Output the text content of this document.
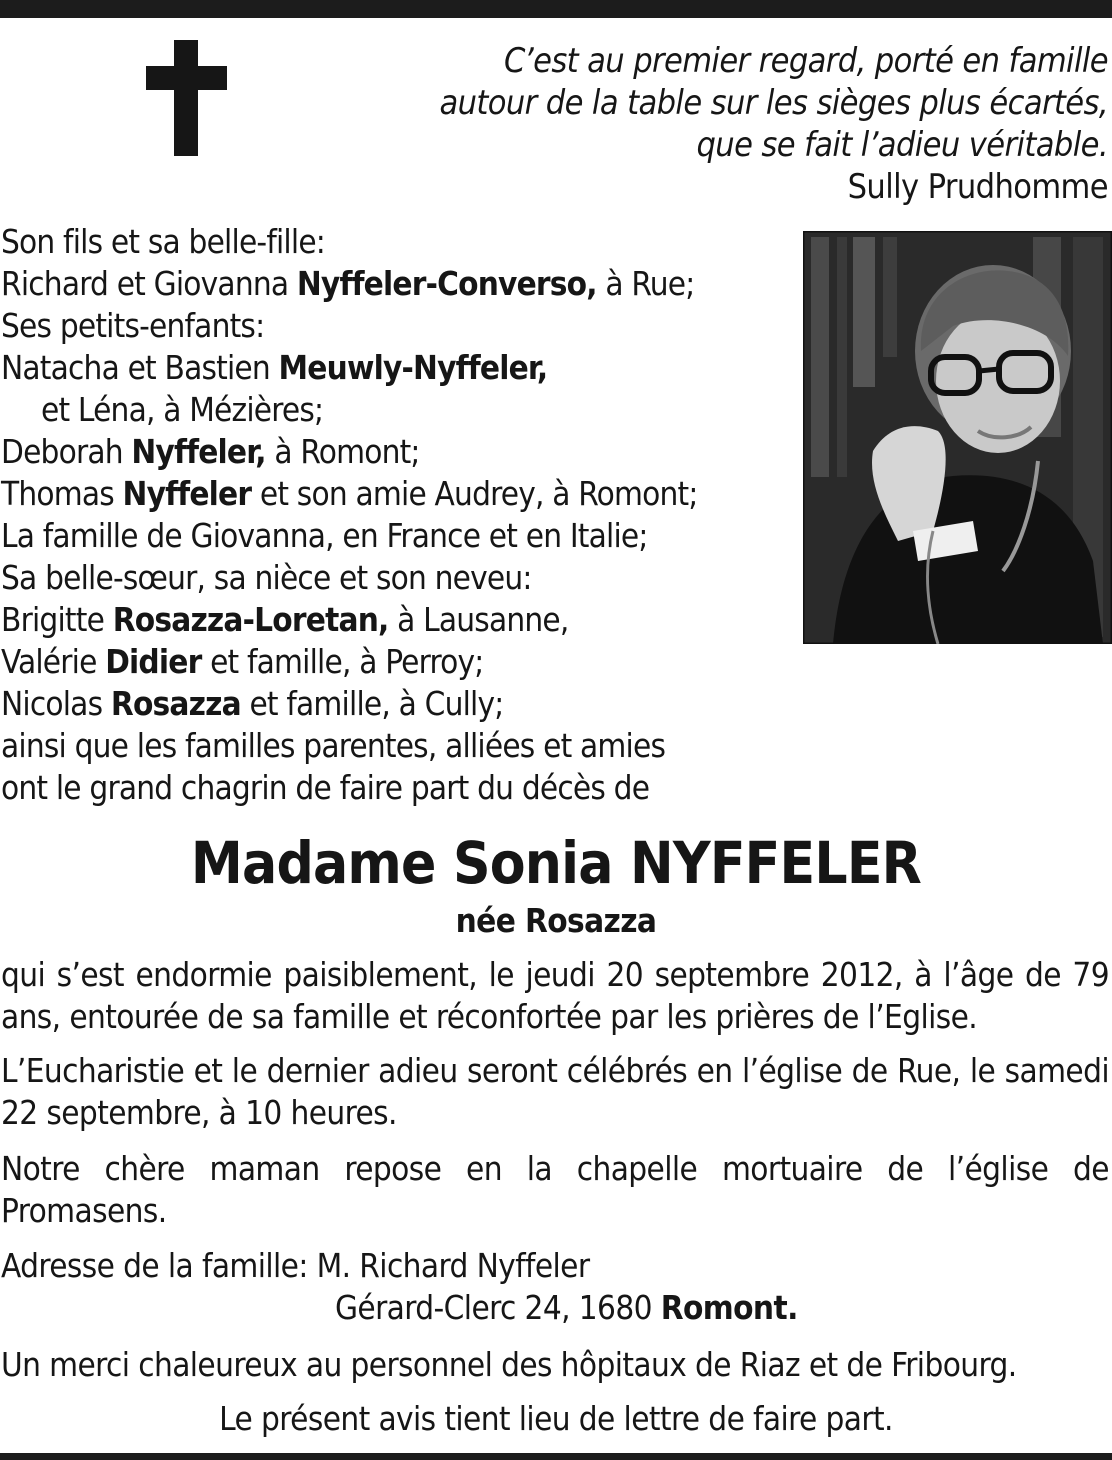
C’est au premier regard, porté en famille
autour de la table sur les sièges plus écartés,
que se fait l’adieu véritable.
Sully Prudhomme
Son fils et sa belle-fille:
Richard et Giovanna Nyffeler-Converso, à Rue;
Ses petits-enfants:
Natacha et Bastien Meuwly-Nyffeler,
et Léna, à Mézières;
Deborah Nyffeler, à Romont;
Thomas Nyffeler et son amie Audrey, à Romont;
La famille de Giovanna, en France et en Italie;
Sa belle-sœur, sa nièce et son neveu:
Brigitte Rosazza-Loretan, à Lausanne,
Valérie Didier et famille, à Perroy;
Nicolas Rosazza et famille, à Cully;
ainsi que les familles parentes, alliées et amies
ont le grand chagrin de faire part du décès de
Madame Sonia NYFFELER
née Rosazza
qui s’est endormie paisiblement, le jeudi 20 septembre 2012, à l’âge de 79 ans, entourée de sa famille et réconfortée par les prières de l’Eglise.
L’Eucharistie et le dernier adieu seront célébrés en l’église de Rue, le samedi 22 septembre, à 10 heures.
Notre chère maman repose en la chapelle mortuaire de l’église de Promasens.
Adresse de la famille: M. Richard Nyffeler
Gérard-Clerc 24, 1680 Romont.
Un merci chaleureux au personnel des hôpitaux de Riaz et de Fribourg.
Le présent avis tient lieu de lettre de faire part.
